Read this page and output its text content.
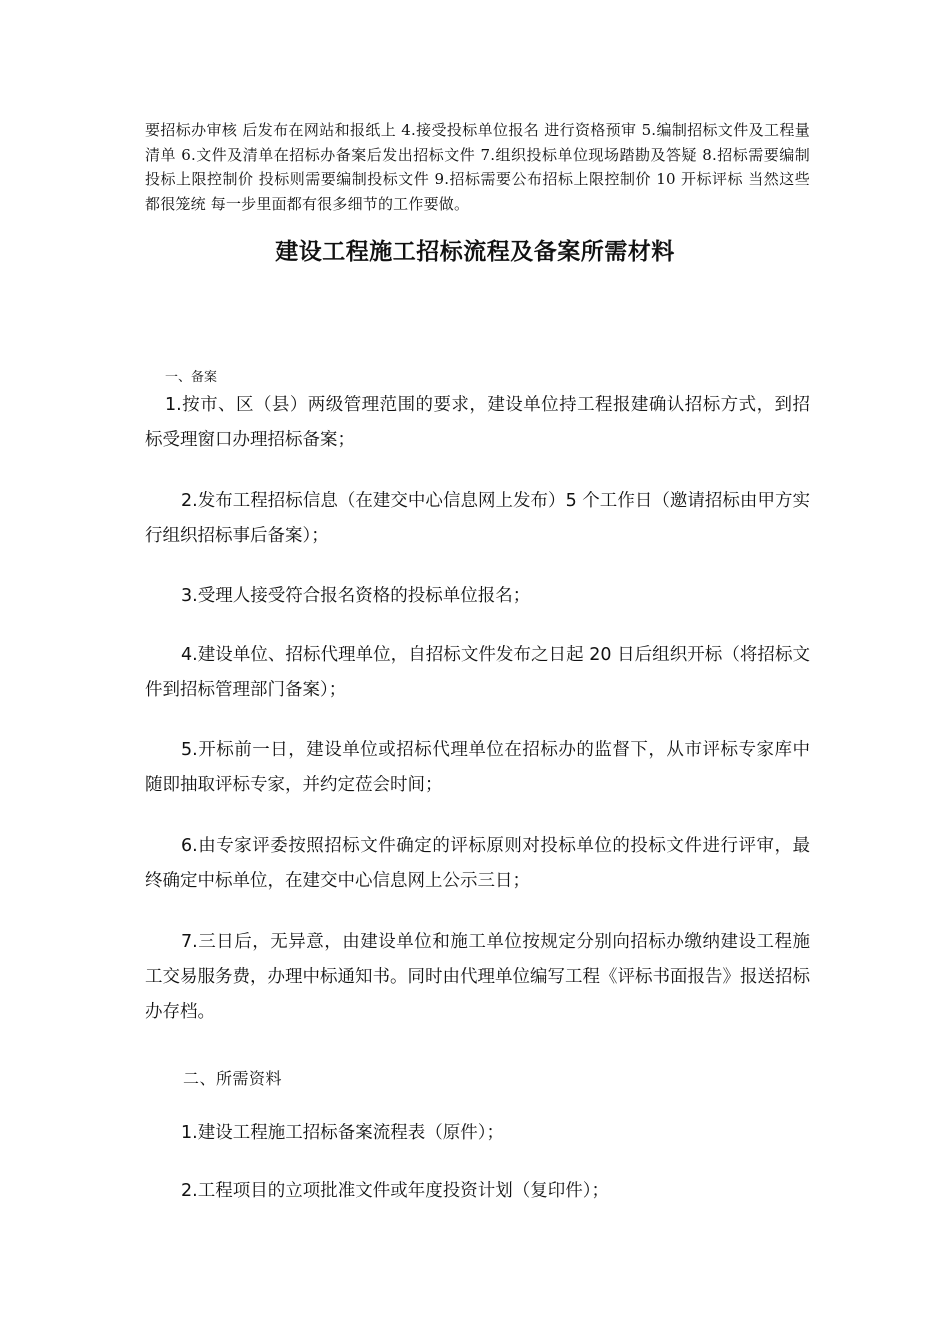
要招标办审核 后发布在网站和报纸上 4.接受投标单位报名 进行资格预审 5.编制招标文件及工程量清单 6.文件及清单在招标办备案后发出招标文件 7.组织投标单位现场踏勘及答疑 8.招标需要编制投标上限控制价 投标则需要编制投标文件 9.招标需要公布招标上限控制价 10 开标评标 当然这些都很笼统 每一步里面都有很多细节的工作要做。
建设工程施工招标流程及备案所需材料
一、备案
1.按市、区（县）两级管理范围的要求，建设单位持工程报建确认招标方式，到招标受理窗口办理招标备案；
2.发布工程招标信息（在建交中心信息网上发布）5 个工作日（邀请招标由甲方实行组织招标事后备案）；
3.受理人接受符合报名资格的投标单位报名；
4.建设单位、招标代理单位，自招标文件发布之日起 20 日后组织开标（将招标文件到招标管理部门备案）；
5.开标前一日，建设单位或招标代理单位在招标办的监督下，从市评标专家库中随即抽取评标专家，并约定莅会时间；
6.由专家评委按照招标文件确定的评标原则对投标单位的投标文件进行评审，最终确定中标单位，在建交中心信息网上公示三日；
7.三日后，无异意，由建设单位和施工单位按规定分别向招标办缴纳建设工程施工交易服务费，办理中标通知书。同时由代理单位编写工程《评标书面报告》报送招标办存档。
二、所需资料
1.建设工程施工招标备案流程表（原件）；
2.工程项目的立项批准文件或年度投资计划（复印件）；
